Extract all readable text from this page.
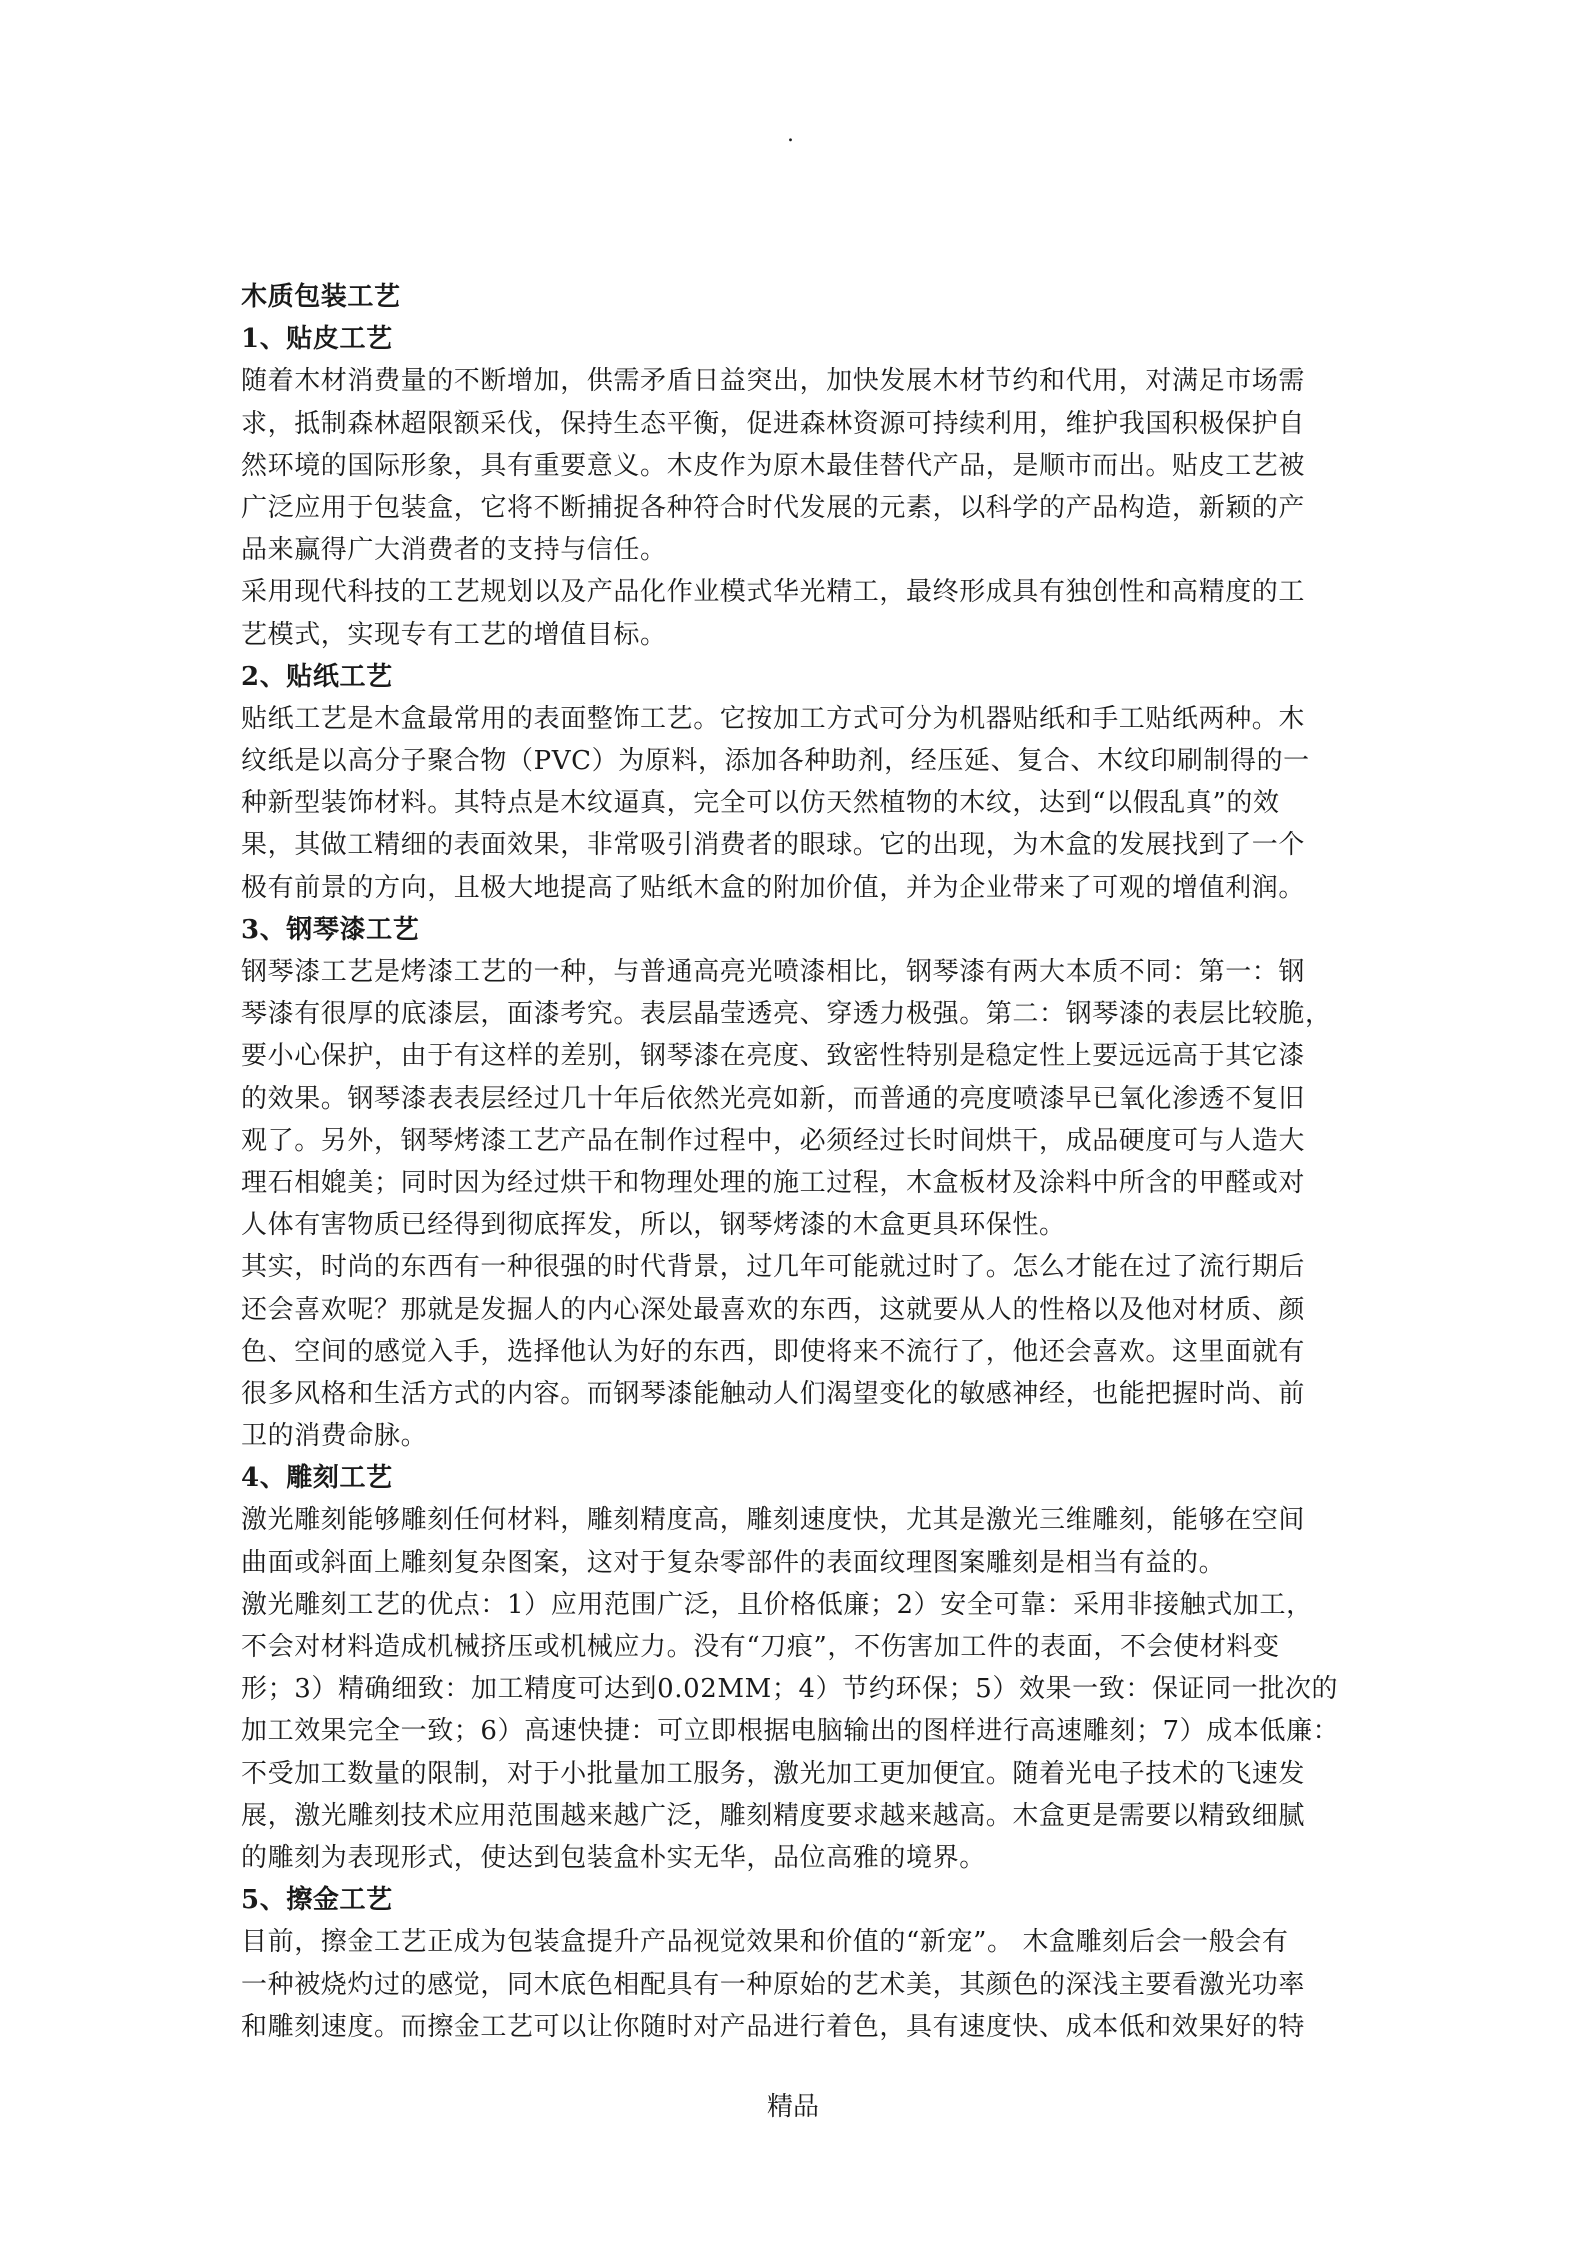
.
木质包装工艺
1、贴皮工艺
随着木材消费量的不断增加，供需矛盾日益突出，加快发展木材节约和代用，对满足市场需
求，抵制森林超限额采伐，保持生态平衡，促进森林资源可持续利用，维护我国积极保护自
然环境的国际形象，具有重要意义。木皮作为原木最佳替代产品，是顺市而出。贴皮工艺被
广泛应用于包装盒，它将不断捕捉各种符合时代发展的元素，以科学的产品构造，新颖的产
品来赢得广大消费者的支持与信任。
采用现代科技的工艺规划以及产品化作业模式华光精工，最终形成具有独创性和高精度的工
艺模式，实现专有工艺的增值目标。
2、贴纸工艺
贴纸工艺是木盒最常用的表面整饰工艺。它按加工方式可分为机器贴纸和手工贴纸两种。木
纹纸是以高分子聚合物（PVC）为原料，添加各种助剂，经压延、复合、木纹印刷制得的一
种新型装饰材料。其特点是木纹逼真，完全可以仿天然植物的木纹，达到“以假乱真”的效
果，其做工精细的表面效果，非常吸引消费者的眼球。它的出现，为木盒的发展找到了一个
极有前景的方向，且极大地提高了贴纸木盒的附加价值，并为企业带来了可观的增值利润。
3、钢琴漆工艺
钢琴漆工艺是烤漆工艺的一种，与普通高亮光喷漆相比，钢琴漆有两大本质不同：第一：钢
琴漆有很厚的底漆层，面漆考究。表层晶莹透亮、穿透力极强。第二：钢琴漆的表层比较脆，
要小心保护，由于有这样的差别，钢琴漆在亮度、致密性特别是稳定性上要远远高于其它漆
的效果。钢琴漆表表层经过几十年后依然光亮如新，而普通的亮度喷漆早已氧化渗透不复旧
观了。另外，钢琴烤漆工艺产品在制作过程中，必须经过长时间烘干，成品硬度可与人造大
理石相媲美；同时因为经过烘干和物理处理的施工过程，木盒板材及涂料中所含的甲醛或对
人体有害物质已经得到彻底挥发，所以，钢琴烤漆的木盒更具环保性。
其实，时尚的东西有一种很强的时代背景，过几年可能就过时了。怎么才能在过了流行期后
还会喜欢呢？那就是发掘人的内心深处最喜欢的东西，这就要从人的性格以及他对材质、颜
色、空间的感觉入手，选择他认为好的东西，即使将来不流行了，他还会喜欢。这里面就有
很多风格和生活方式的内容。而钢琴漆能触动人们渴望变化的敏感神经，也能把握时尚、前
卫的消费命脉。
4、雕刻工艺
激光雕刻能够雕刻任何材料，雕刻精度高，雕刻速度快，尤其是激光三维雕刻，能够在空间
曲面或斜面上雕刻复杂图案，这对于复杂零部件的表面纹理图案雕刻是相当有益的。
激光雕刻工艺的优点：1）应用范围广泛，且价格低廉；2）安全可靠：采用非接触式加工，
不会对材料造成机械挤压或机械应力。没有“刀痕”，不伤害加工件的表面，不会使材料变
形；3）精确细致：加工精度可达到0.02MM；4）节约环保；5）效果一致：保证同一批次的
加工效果完全一致；6）高速快捷：可立即根据电脑输出的图样进行高速雕刻；7）成本低廉：
不受加工数量的限制，对于小批量加工服务，激光加工更加便宜。随着光电子技术的飞速发
展，激光雕刻技术应用范围越来越广泛，雕刻精度要求越来越高。木盒更是需要以精致细腻
的雕刻为表现形式，使达到包装盒朴实无华，品位高雅的境界。
5、擦金工艺
目前，擦金工艺正成为包装盒提升产品视觉效果和价值的“新宠”。 木盒雕刻后会一般会有
一种被烧灼过的感觉，同木底色相配具有一种原始的艺术美，其颜色的深浅主要看激光功率
和雕刻速度。而擦金工艺可以让你随时对产品进行着色，具有速度快、成本低和效果好的特
精品
